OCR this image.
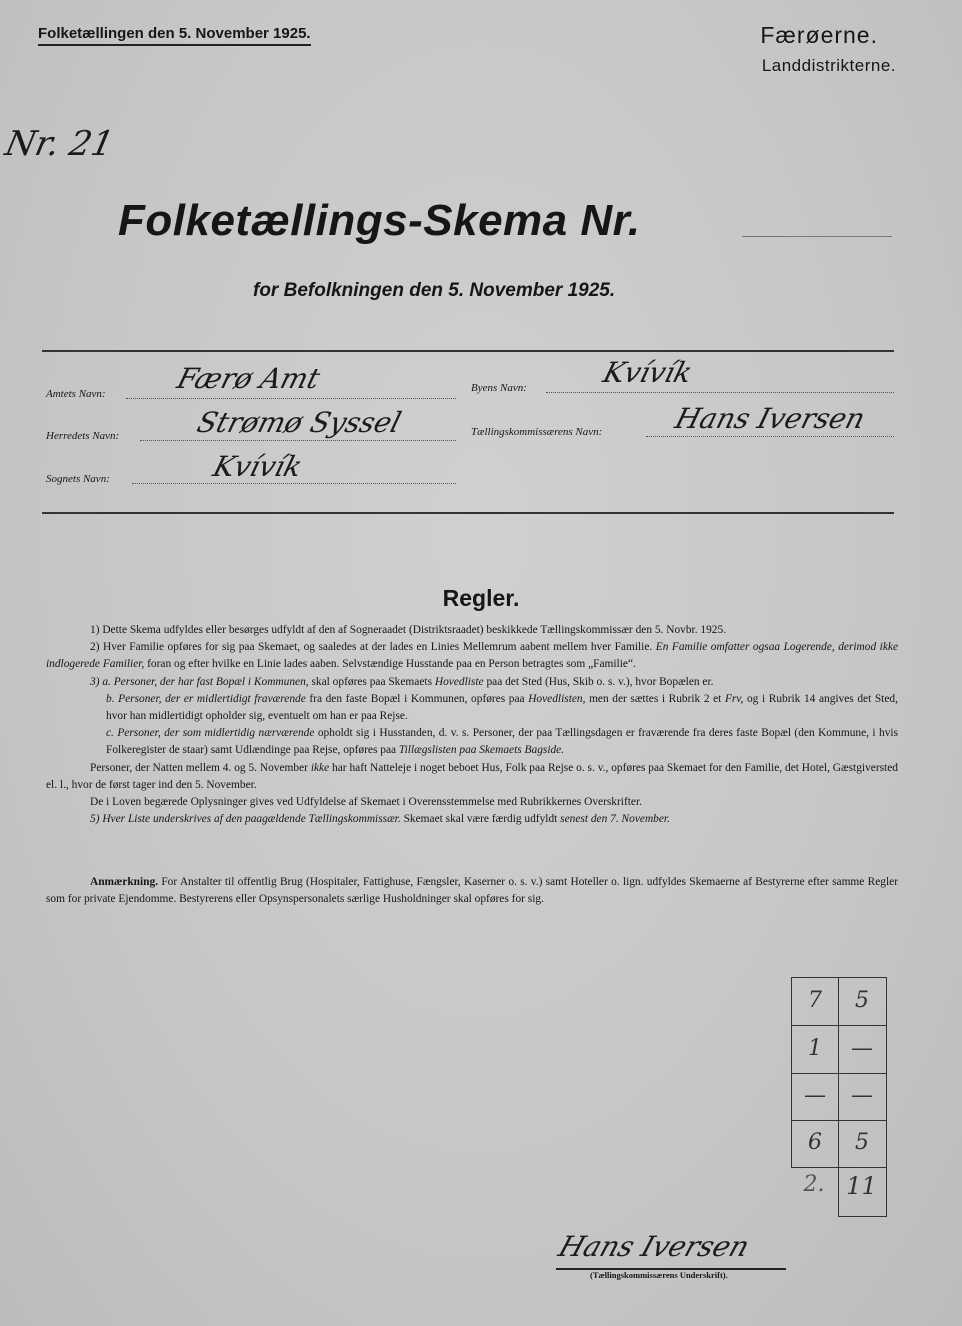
Folketællingen den 5. November 1925.	Færøerne.
Landdistrikterne.
Nr. 21
Folketællings-Skema Nr.
for Befolkningen den 5. November 1925.
Amtets Navn: Færø Amt	Byens Navn:	Kvívík
Herredets Navn:	Strømø Syssel	Tællingskommissærens Navn: Hans Iversen
Sognets Navn:	Kvívík
Regler.

1) Dette Skema udfyldes eller besørges udfyldt af den af Sogneraadet (Distriktsraadet) beskikkede Tællingskommissær den 5. Novbr. 1925.

2) Hver Familie opføres for sig paa Skemaet, og saaledes at der lades en Linies Mellemrum aabent mellem hver Familie. En Familie omfatter ogsaa Logerende, derimod ikke indlogerede Familier, foran og efter hvilke en Linie lades aaben. Selvstændige Husstande paa en Person betragtes som „Familie“.

3) a. Personer, der har fast Bopæl i Kommunen, skal opføres paa Skemaets Hovedliste paa det Sted (Hus, Skib o. s. v.), hvor Bopælen er.

b. Personer, der er midlertidigt fraværende fra den faste Bopæl i Kommunen, opføres paa Hovedlisten, men der sættes i Rubrik 2 et Frv, og i Rubrik 14 angives det Sted, hvor han midlertidigt opholder sig, eventuelt om han er paa Rejse.

c. Personer, der som midlertidig nærværende opholdt sig i Husstanden, d. v. s. Personer, der paa Tællingsdagen er fraværende fra deres faste Bopæl (den Kommune, i hvis Folkeregister de staar) samt Udlændinge paa Rejse, opføres paa Tillægslisten paa Skemaets Bagside.

Personer, der Natten mellem 4. og 5. November ikke har haft Natteleje i noget beboet Hus, Folk paa Rejse o. s. v., opføres paa Skemaet for den Familie, det Hotel, Gæstgiversted el. l., hvor de først tager ind den 5. November.

De i Loven begærede Oplysninger gives ved Udfyldelse af Skemaet i Overensstemmelse med Rubrikkernes Overskrifter.

5) Hver Liste underskrives af den paagældende Tællingskommissær. Skemaet skal være færdig udfyldt senest den 7. November.

Anmærkning. For Anstalter til offentlig Brug (Hospitaler, Fattighuse, Fængsler, Kaserner o. s. v.) samt Hoteller o. lign. udfyldes Skemaerne af Bestyrerne efter samme Regler som for private Ejendomme. Bestyrerens eller Opsynspersonalets særlige Husholdninger skal opføres for sig.
7	5
1	—
—	—
6	5
2. 11
Hans Iversen
(Tællingskommissærens Underskrift).
